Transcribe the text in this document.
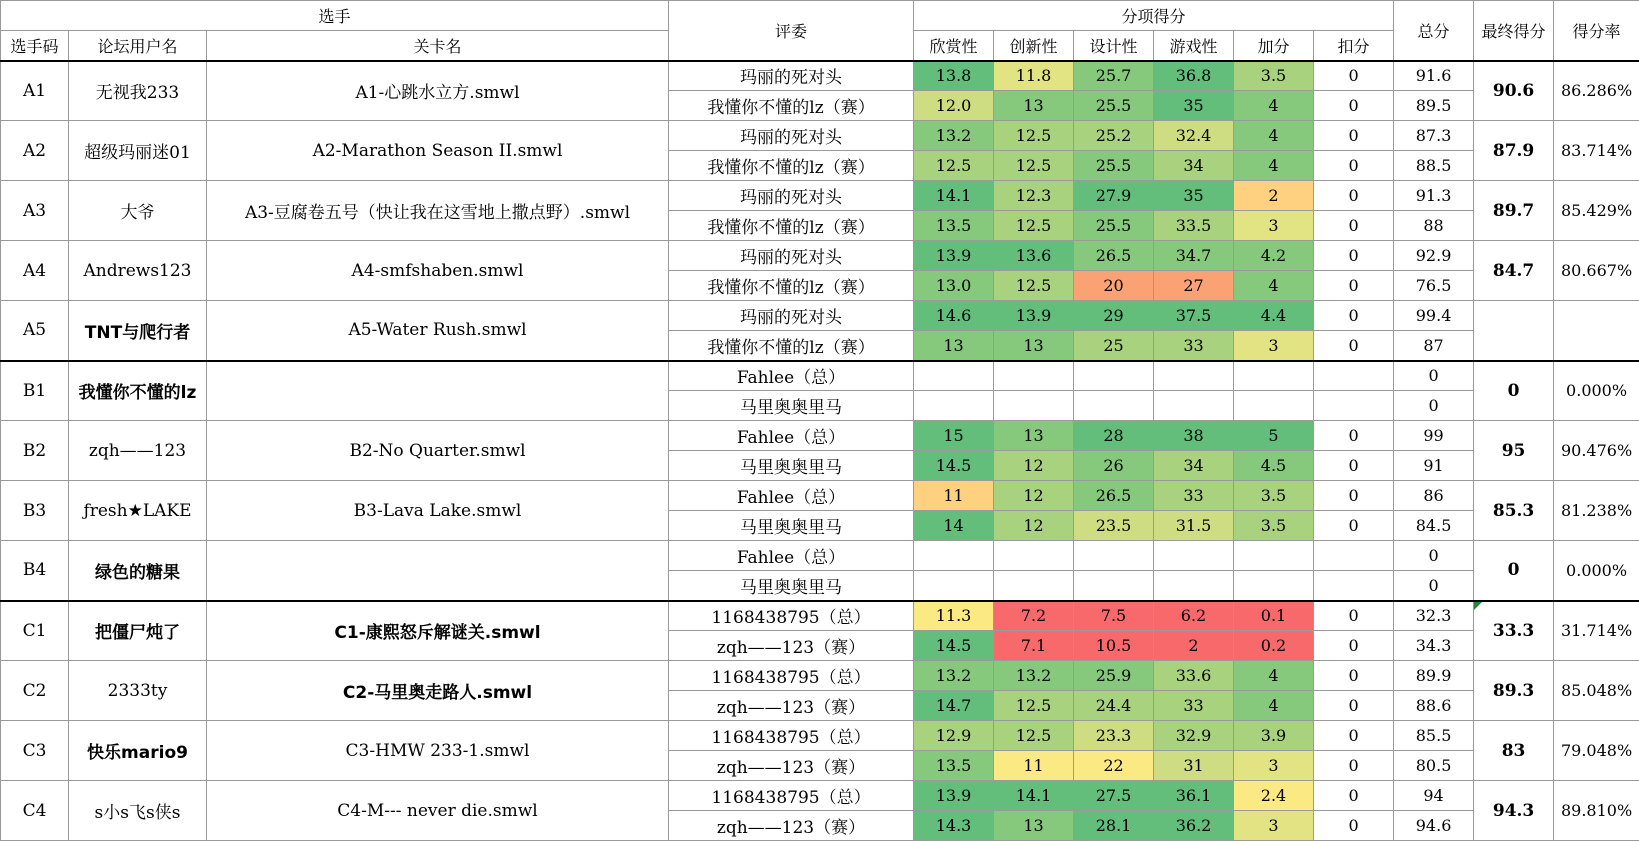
选手			评委	分项得分						总分	最终得分	得分率
选手码	论坛用户名	关卡名		欣赏性	创新性	设计性	游戏性	加分	扣分			
A1	无视我233	A1-心跳水立方.smwl	玛丽的死对头	13.8	11.8	25.7	36.8	3.5	0	91.6	90.6	86.286%
			我懂你不懂的lz（赛）	12.0	13	25.5	35	4	0	89.5		
A2	超级玛丽迷01	A2-Marathon Season II.smwl	玛丽的死对头	13.2	12.5	25.2	32.4	4	0	87.3	87.9	83.714%
			我懂你不懂的lz（赛）	12.5	12.5	25.5	34	4	0	88.5		
A3	大爷	A3-豆腐卷五号（快让我在这雪地上撒点野）.smwl	玛丽的死对头	14.1	12.3	27.9	35	2	0	91.3	89.7	85.429%
			我懂你不懂的lz（赛）	13.5	12.5	25.5	33.5	3	0	88		
A4	Andrews123	A4-smfshaben.smwl	玛丽的死对头	13.9	13.6	26.5	34.7	4.2	0	92.9	84.7	80.667%
			我懂你不懂的lz（赛）	13.0	12.5	20	27	4	0	76.5		
A5	TNT与爬行者	A5-Water Rush.smwl	玛丽的死对头	14.6	13.9	29	37.5	4.4	0	99.4		
			我懂你不懂的lz（赛）	13	13	25	33	3	0	87		
B1	我懂你不懂的lz		Fahlee（总）							0	0	0.000%
			马里奥奥里马							0		
B2	zqh——123	B2-No Quarter.smwl	Fahlee（总）	15	13	28	38	5	0	99	95	90.476%
			马里奥奥里马	14.5	12	26	34	4.5	0	91		
B3	ƒresh★LAKE	B3-Lava Lake.smwl	Fahlee（总）	11	12	26.5	33	3.5	0	86	85.3	81.238%
			马里奥奥里马	14	12	23.5	31.5	3.5	0	84.5		
B4	绿色的糖果		Fahlee（总）							0	0	0.000%
			马里奥奥里马							0		
C1	把僵尸炖了	C1-康熙怒斥解谜关.smwl	1168438795（总）	11.3	7.2	7.5	6.2	0.1	0	32.3	33.3	31.714%
			zqh——123（赛）	14.5	7.1	10.5	2	0.2	0	34.3		
C2	2333ty	C2-马里奥走路人.smwl	1168438795（总）	13.2	13.2	25.9	33.6	4	0	89.9	89.3	85.048%
			zqh——123（赛）	14.7	12.5	24.4	33	4	0	88.6		
C3	快乐mario9	C3-HMW 233-1.smwl	1168438795（总）	12.9	12.5	23.3	32.9	3.9	0	85.5	83	79.048%
			zqh——123（赛）	13.5	11	22	31	3	0	80.5		
C4	s小s飞s侠s	C4-M--- never die.smwl	1168438795（总）	13.9	14.1	27.5	36.1	2.4	0	94	94.3	89.810%
			zqh——123（赛）	14.3	13	28.1	36.2	3	0	94.6		
